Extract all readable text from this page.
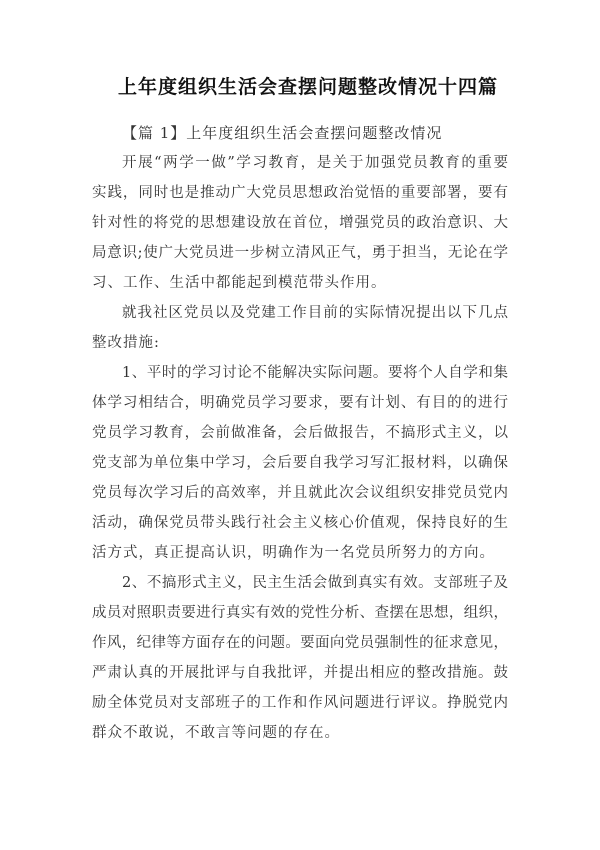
上年度组织生活会查摆问题整改情况十四篇
【篇 1】上年度组织生活会查摆问题整改情况
开展“两学一做”学习教育，是关于加强党员教育的重要
实践，同时也是推动广大党员思想政治觉悟的重要部署，要有
针对性的将党的思想建设放在首位，增强党员的政治意识、大
局意识;使广大党员进一步树立清风正气，勇于担当，无论在学
习、工作、生活中都能起到模范带头作用。
就我社区党员以及党建工作目前的实际情况提出以下几点
整改措施:
1、平时的学习讨论不能解决实际问题。要将个人自学和集
体学习相结合，明确党员学习要求，要有计划、有目的的进行
党员学习教育，会前做准备，会后做报告，不搞形式主义，以
党支部为单位集中学习，会后要自我学习写汇报材料，以确保
党员每次学习后的高效率，并且就此次会议组织安排党员党内
活动，确保党员带头践行社会主义核心价值观，保持良好的生
活方式，真正提高认识，明确作为一名党员所努力的方向。
2、不搞形式主义，民主生活会做到真实有效。支部班子及
成员对照职责要进行真实有效的党性分析、查摆在思想，组织，
作风，纪律等方面存在的问题。要面向党员强制性的征求意见，
严肃认真的开展批评与自我批评，并提出相应的整改措施。鼓
励全体党员对支部班子的工作和作风问题进行评议。挣脱党内
群众不敢说，不敢言等问题的存在。
